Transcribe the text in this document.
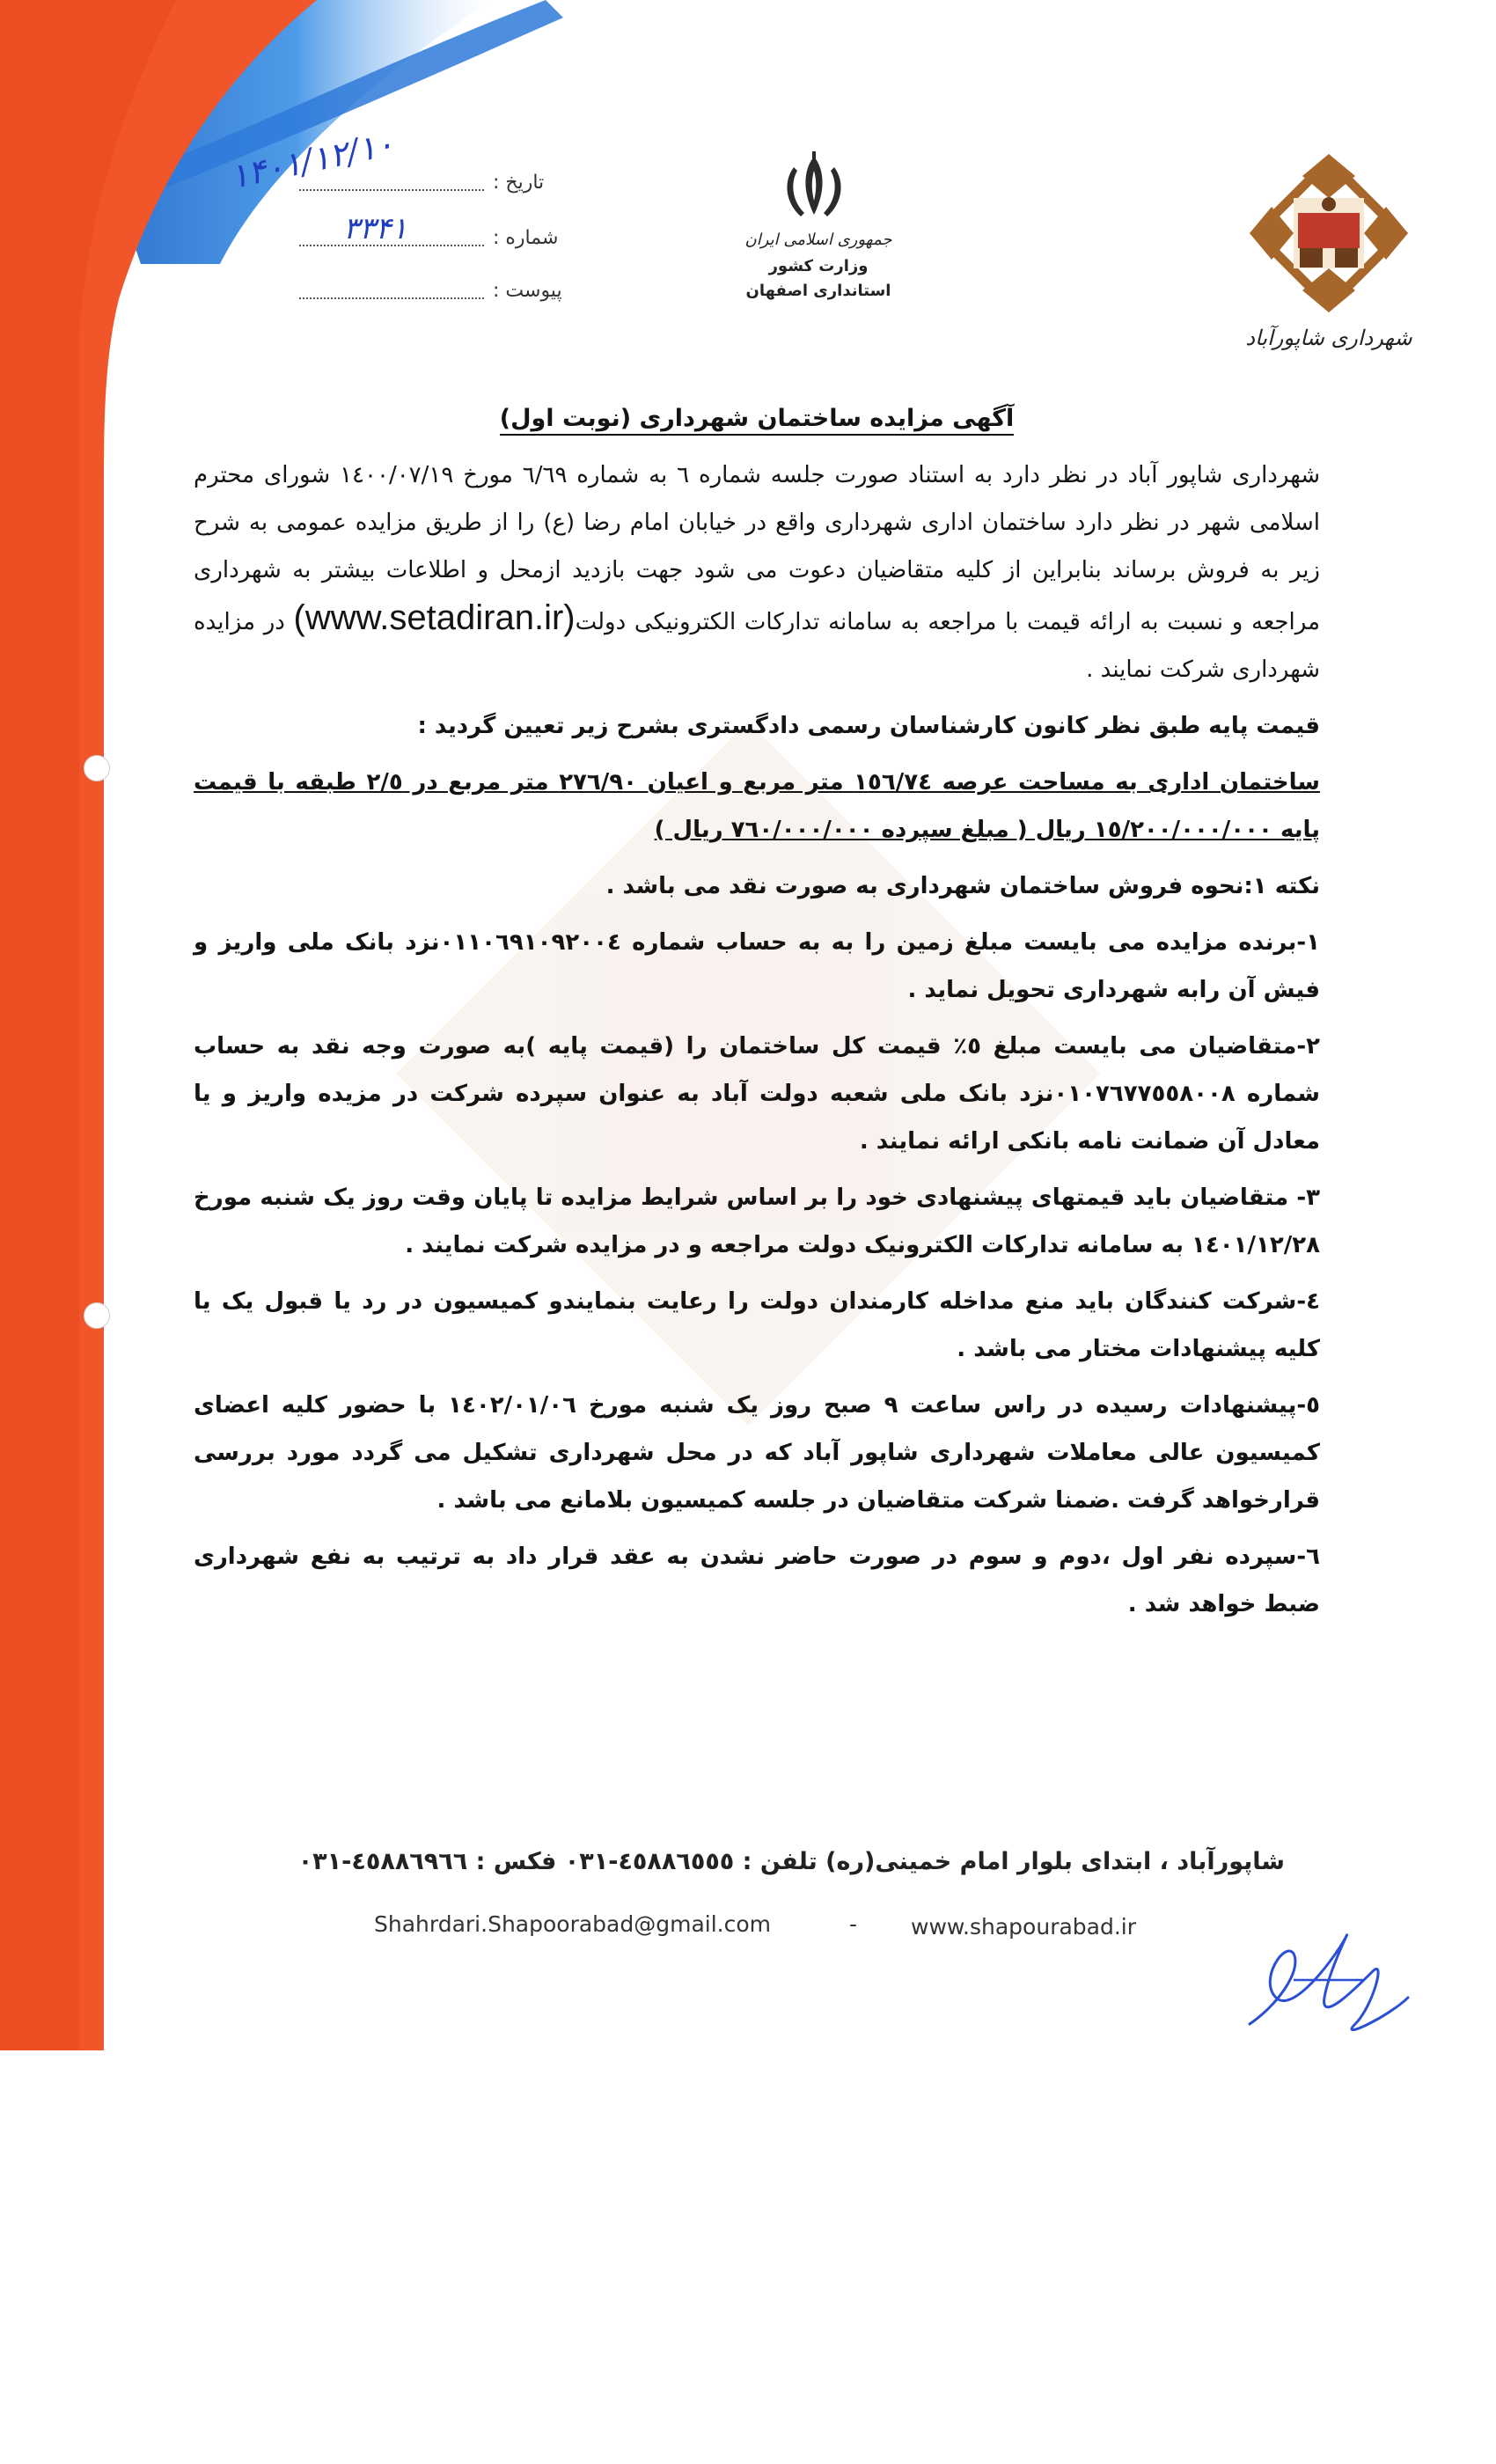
تاریخ :
۱۴۰۱/۱۲/۱۰
شماره :
۳۳۴۱
پیوست :
جمهوری اسلامی ایران
وزارت کشور
استانداری اصفهان
شهرداری شاپورآباد
آگهی مزایده ساختمان شهرداری (نوبت اول)
شهرداری شاپور آباد در نظر دارد به استناد صورت جلسه شماره ٦ به شماره ٦/٦٩ مورخ ١٤٠٠/٠٧/١٩ شورای محترم اسلامی شهر در نظر دارد ساختمان اداری شهرداری واقع در خیابان امام رضا (ع) را از طریق مزایده عمومی به شرح زیر به فروش برساند بنابراین از کلیه متقاضیان دعوت می شود جهت بازدید ازمحل و اطلاعات بیشتر به شهرداری مراجعه و نسبت به ارائه قیمت با مراجعه به سامانه تدارکات الکترونیکی دولت(www.setadiran.ir) در مزایده شهرداری شرکت نمایند .
قیمت پایه طبق نظر کانون کارشناسان رسمی دادگستری بشرح زیر تعیین گردید :
ساختمان اداری به مساحت عرصه ١٥٦/٧٤ متر مربع و اعیان ٢٧٦/٩٠ متر مربع در ٢/٥ طبقه با قیمت پایه ١٥/٢٠٠/٠٠٠/٠٠٠ ریال ( مبلغ سپرده ٧٦٠/٠٠٠/٠٠٠ ریال )
نکته ١:نحوه فروش ساختمان شهرداری به صورت نقد می باشد .
١-برنده مزایده می بایست مبلغ زمین را به به حساب شماره ٠١١٠٦٩١٠٩٢٠٠٤نزد بانک ملی واریز و فیش آن رابه شهرداری تحویل نماید .
٢-متقاضیان می بایست مبلغ ٥٪ قیمت کل ساختمان را (قیمت پایه )به صورت وجه نقد به حساب شماره ٠١٠٧٦٧٧٥٥٨٠٠٨نزد بانک ملی شعبه دولت آباد به عنوان سپرده شرکت در مزیده واریز و یا معادل آن ضمانت نامه بانکی ارائه نمایند .
٣- متقاضیان باید قیمتهای پیشنهادی خود را بر اساس شرایط مزایده تا پایان وقت روز یک شنبه مورخ ١٤٠١/١٢/٢٨ به سامانه تدارکات الکترونیک دولت مراجعه و در مزایده شرکت نمایند .
٤-شرکت کنندگان باید منع مداخله کارمندان دولت را رعایت بنمایندو کمیسیون در رد یا قبول یک یا کلیه پیشنهادات مختار می باشد .
٥-پیشنهادات رسیده در راس ساعت ٩ صبح روز یک شنبه مورخ ١٤٠٢/٠١/٠٦ با حضور کلیه اعضای کمیسیون عالی معاملات شهرداری شاپور آباد که در محل شهرداری تشکیل می گردد مورد بررسی قرارخواهد گرفت .ضمنا شرکت متقاضیان در جلسه کمیسیون بلامانع می باشد .
٦-سپرده نفر اول ،دوم و سوم در صورت حاضر نشدن به عقد قرار داد به ترتیب به نفع شهرداری ضبط خواهد شد .
شاپورآباد ، ابتدای بلوار امام خمینی(ره) تلفن : ٤٥٨٨٦٥٥٥-٠٣١ فکس : ٤٥٨٨٦٩٦٦-٠٣١
Shahrdari.Shapoorabad@gmail.com	- www.shapourabad.ir
